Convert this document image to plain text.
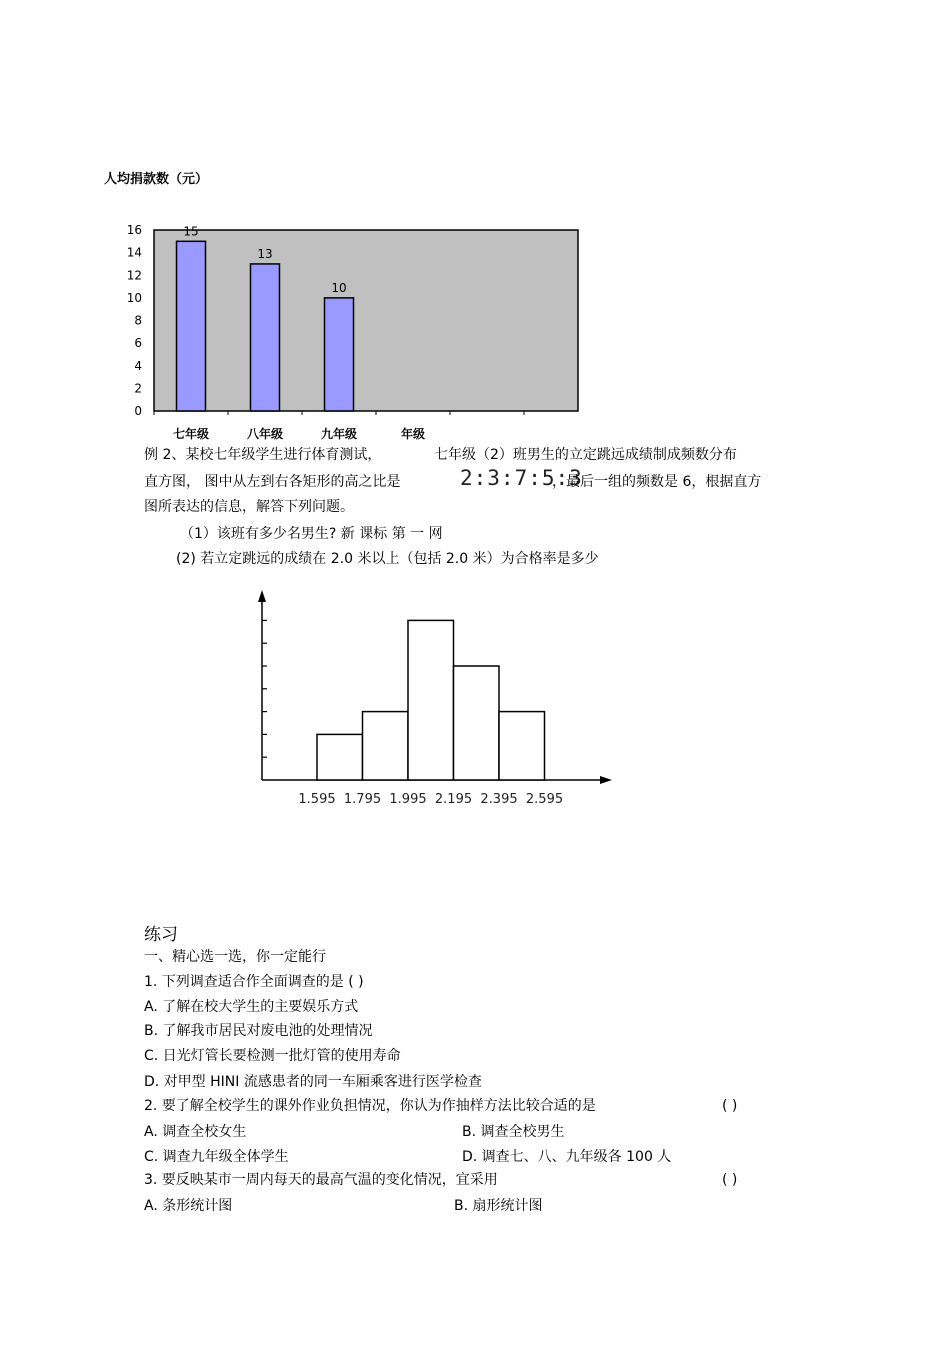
人均捐款数（元）
0
2
4
6
8
10
12
14
16	15
13
10
七年级	八年级	九年级	年级
例 2、某校七年级学生进行体育测试，	七年级（2）班男生的立定跳远成绩制成频数分布
直方图， 图中从左到右各矩形的高之比是	2:3:7:5:3
，最后一组的频数是 6，根据直方
图所表达的信息，解答下列问题。
（1）该班有多少名男生? 新 课标 第 一 网
(2) 若立定跳远的成绩在 2.0 米以上（包括 2.0 米）为合格率是多少
1.595 1.795 1.995 2.195 2.395 2.595
练习
一、精心选一选，你一定能行
1. 下列调查适合作全面调查的是 ( )
A. 了解在校大学生的主要娱乐方式
B. 了解我市居民对废电池的处理情况
C. 日光灯管长要检测一批灯管的使用寿命
D. 对甲型 HINI 流感患者的同一车厢乘客进行医学检查
2. 要了解全校学生的课外作业负担情况，你认为作抽样方法比较合适的是	( )
A. 调查全校女生	B. 调查全校男生
C. 调查九年级全体学生	D. 调查七、八、九年级各 100 人
3. 要反映某市一周内每天的最高气温的变化情况，宜采用	( )
A. 条形统计图	B. 扇形统计图
